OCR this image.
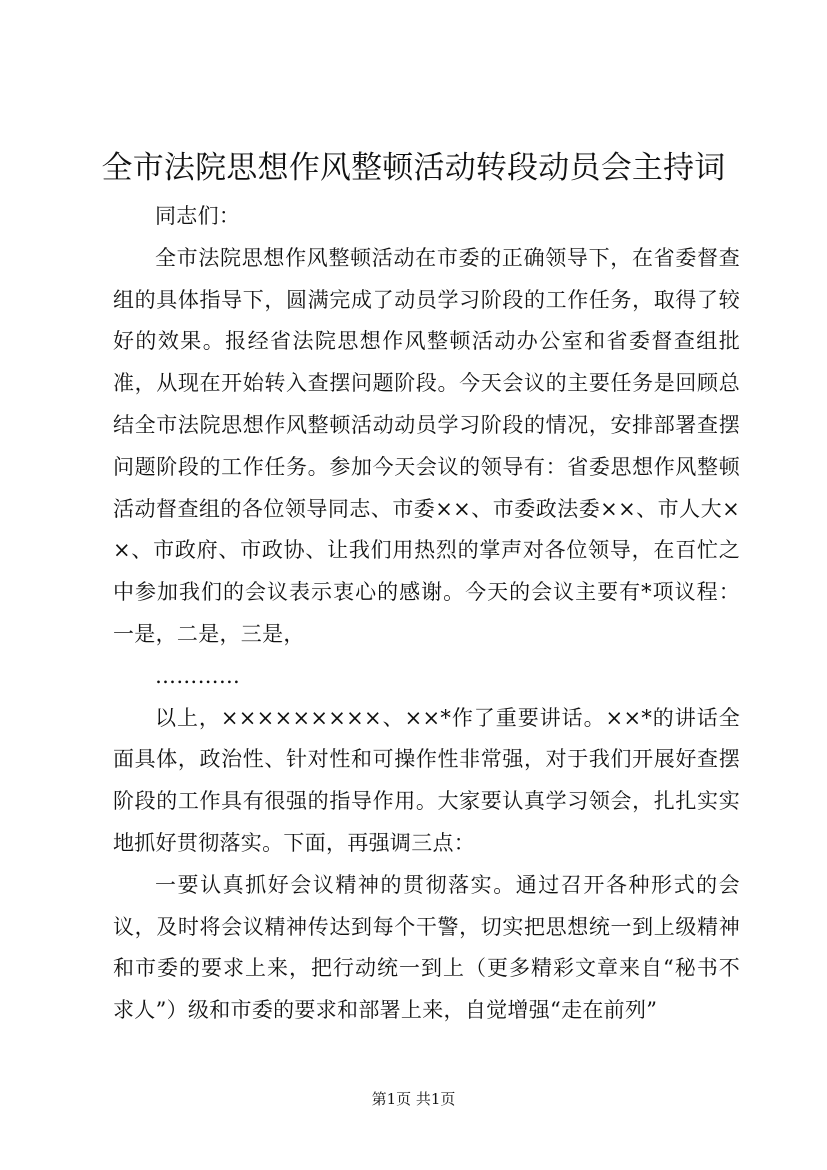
全市法院思想作风整顿活动转段动员会主持词

同志们：

全市法院思想作风整顿活动在市委的正确领导下，在省委督查组的具体指导下，圆满完成了动员学习阶段的工作任务，取得了较好的效果。报经省法院思想作风整顿活动办公室和省委督查组批准，从现在开始转入查摆问题阶段。今天会议的主要任务是回顾总结全市法院思想作风整顿活动动员学习阶段的情况，安排部署查摆问题阶段的工作任务。参加今天会议的领导有：省委思想作风整顿活动督查组的各位领导同志、市委××、市委政法委××、市人大××、市政府、市政协、让我们用热烈的掌声对各位领导，在百忙之中参加我们的会议表示衷心的感谢。今天的会议主要有*项议程：一是，二是，三是，

…………

以上，×××××××××、××*作了重要讲话。××*的讲话全面具体，政治性、针对性和可操作性非常强，对于我们开展好查摆阶段的工作具有很强的指导作用。大家要认真学习领会，扎扎实实地抓好贯彻落实。下面，再强调三点：

一要认真抓好会议精神的贯彻落实。通过召开各种形式的会议，及时将会议精神传达到每个干警，切实把思想统一到上级精神和市委的要求上来，把行动统一到上（更多精彩文章来自“秘书不求人”）级和市委的要求和部署上来，自觉增强“走在前列”

第1页 共1页
